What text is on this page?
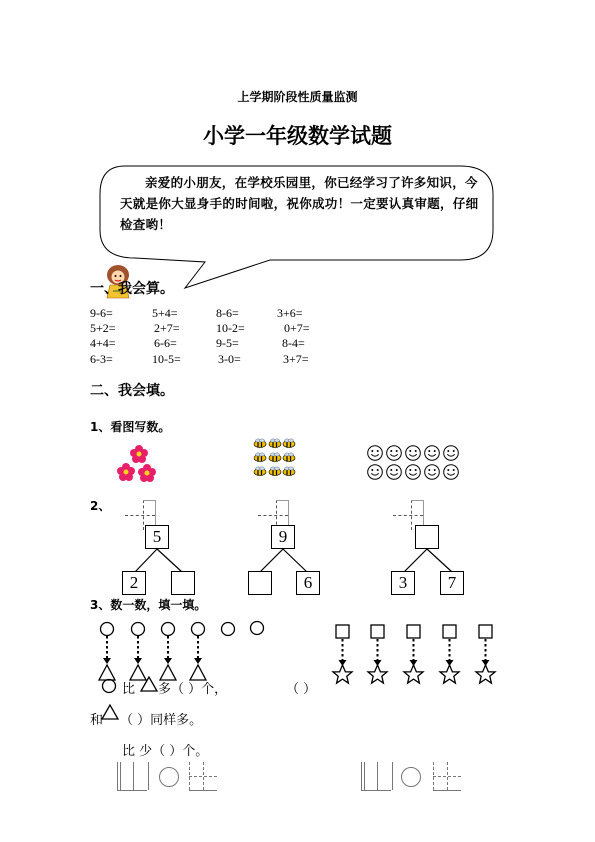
上学期阶段性质量监测
小学一年级数学试题
亲爱的小朋友，在学校乐园里，你已经学习了许多知识，今天就是你大显身手的时间啦，祝你成功！一定要认真审题，仔细检查哟！
一、我会算。
9-6=	5+4=	8-6=	3+6=
5+2=	2+7=	10-2=	0+7=
4+4=	6-6=	9-5=	8-4=
6-3=	10-5=	3-0=	3+7=
二、我会填。
1、看图写数。
2、
5
2
9
6	3	7
3、数一数，填一填。
比 多（ ）个，	（ ）
和 （ ）同样多。
比 少（ ）个。
